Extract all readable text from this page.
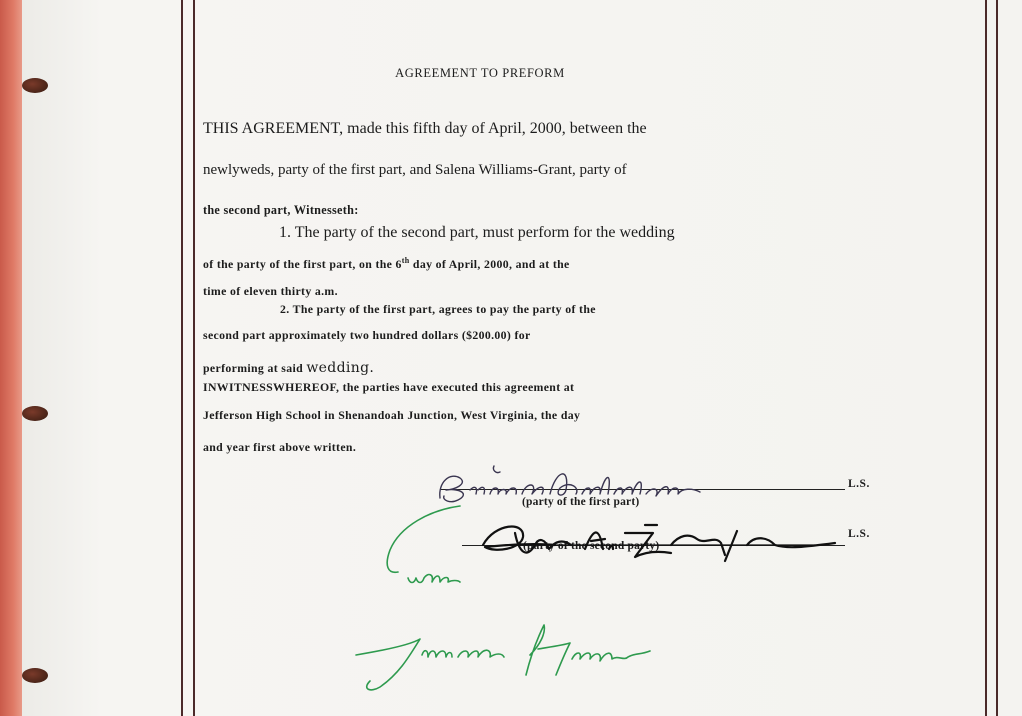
AGREEMENT TO PREFORM
THIS AGREEMENT, made this fifth day of April, 2000, between the
newlyweds, party of the first part, and Salena Williams-Grant, party of
the second part, Witnesseth:
1. The party of the second part, must perform for the wedding
of the party of the first part, on the 6th day of April, 2000, and at the
time of eleven thirty a.m.
2. The party of the first part, agrees to pay the party of the
second part approximately two hundred dollars ($200.00) for
performing at said wedding.
INWITNESSWHEREOF, the parties have executed this agreement at
Jefferson High School in Shenandoah Junction, West Virginia, the day
and year first above written.
L.S.
L.S.
(party of the first part)
(party of the second party)
